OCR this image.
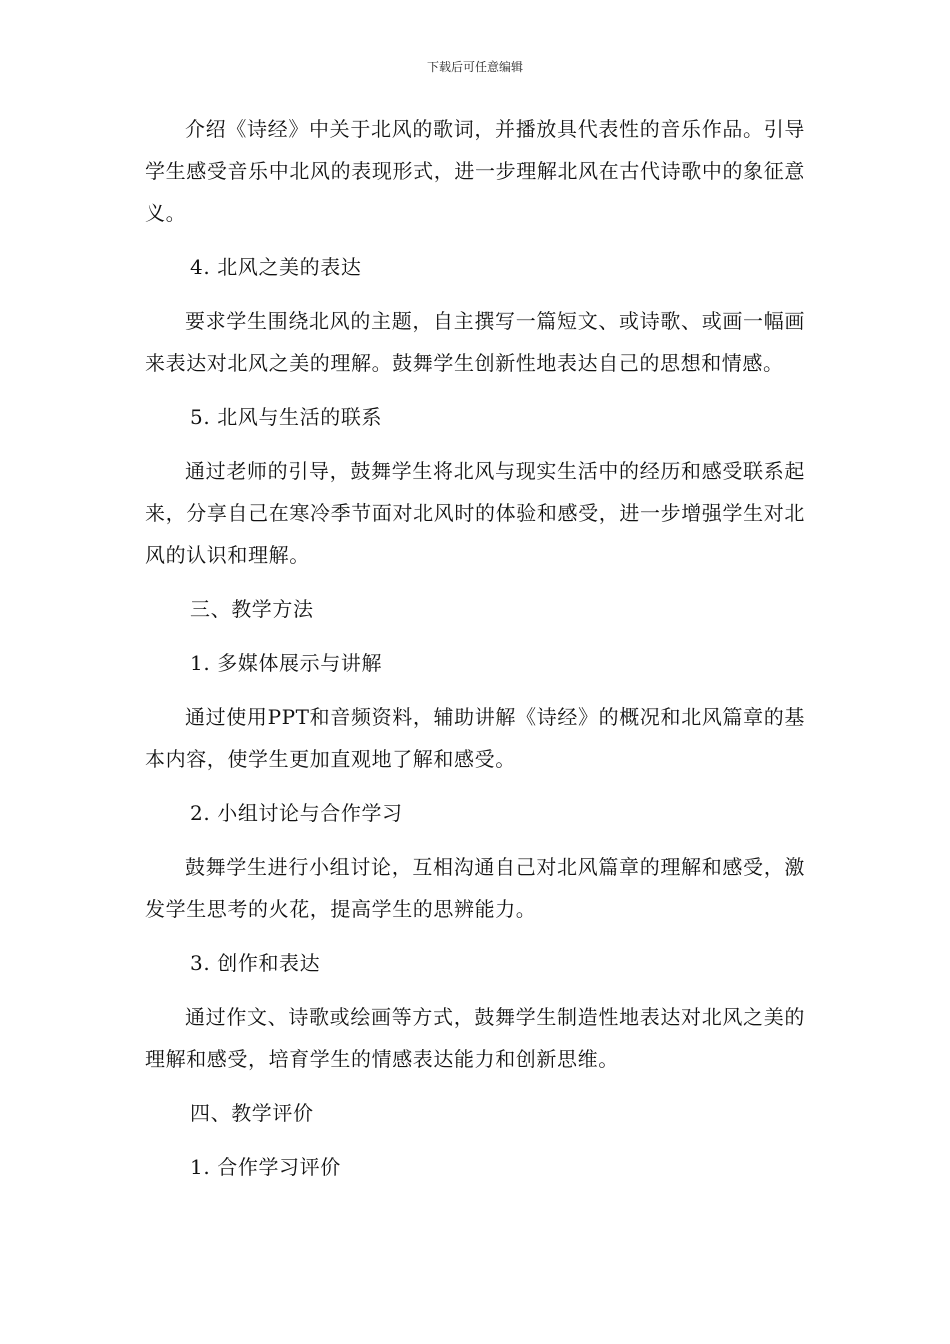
下载后可任意编辑

介绍《诗经》中关于北风的歌词，并播放具代表性的音乐作品。引导学生感受音乐中北风的表现形式，进一步理解北风在古代诗歌中的象征意义。

4. 北风之美的表达

要求学生围绕北风的主题，自主撰写一篇短文、或诗歌、或画一幅画来表达对北风之美的理解。鼓舞学生创新性地表达自己的思想和情感。

5. 北风与生活的联系

通过老师的引导，鼓舞学生将北风与现实生活中的经历和感受联系起来，分享自己在寒冷季节面对北风时的体验和感受，进一步增强学生对北风的认识和理解。

三、教学方法

1. 多媒体展示与讲解

通过使用PPT和音频资料，辅助讲解《诗经》的概况和北风篇章的基本内容，使学生更加直观地了解和感受。

2. 小组讨论与合作学习

鼓舞学生进行小组讨论，互相沟通自己对北风篇章的理解和感受，激发学生思考的火花，提高学生的思辨能力。

3. 创作和表达

通过作文、诗歌或绘画等方式，鼓舞学生制造性地表达对北风之美的理解和感受，培育学生的情感表达能力和创新思维。

四、教学评价

1. 合作学习评价
